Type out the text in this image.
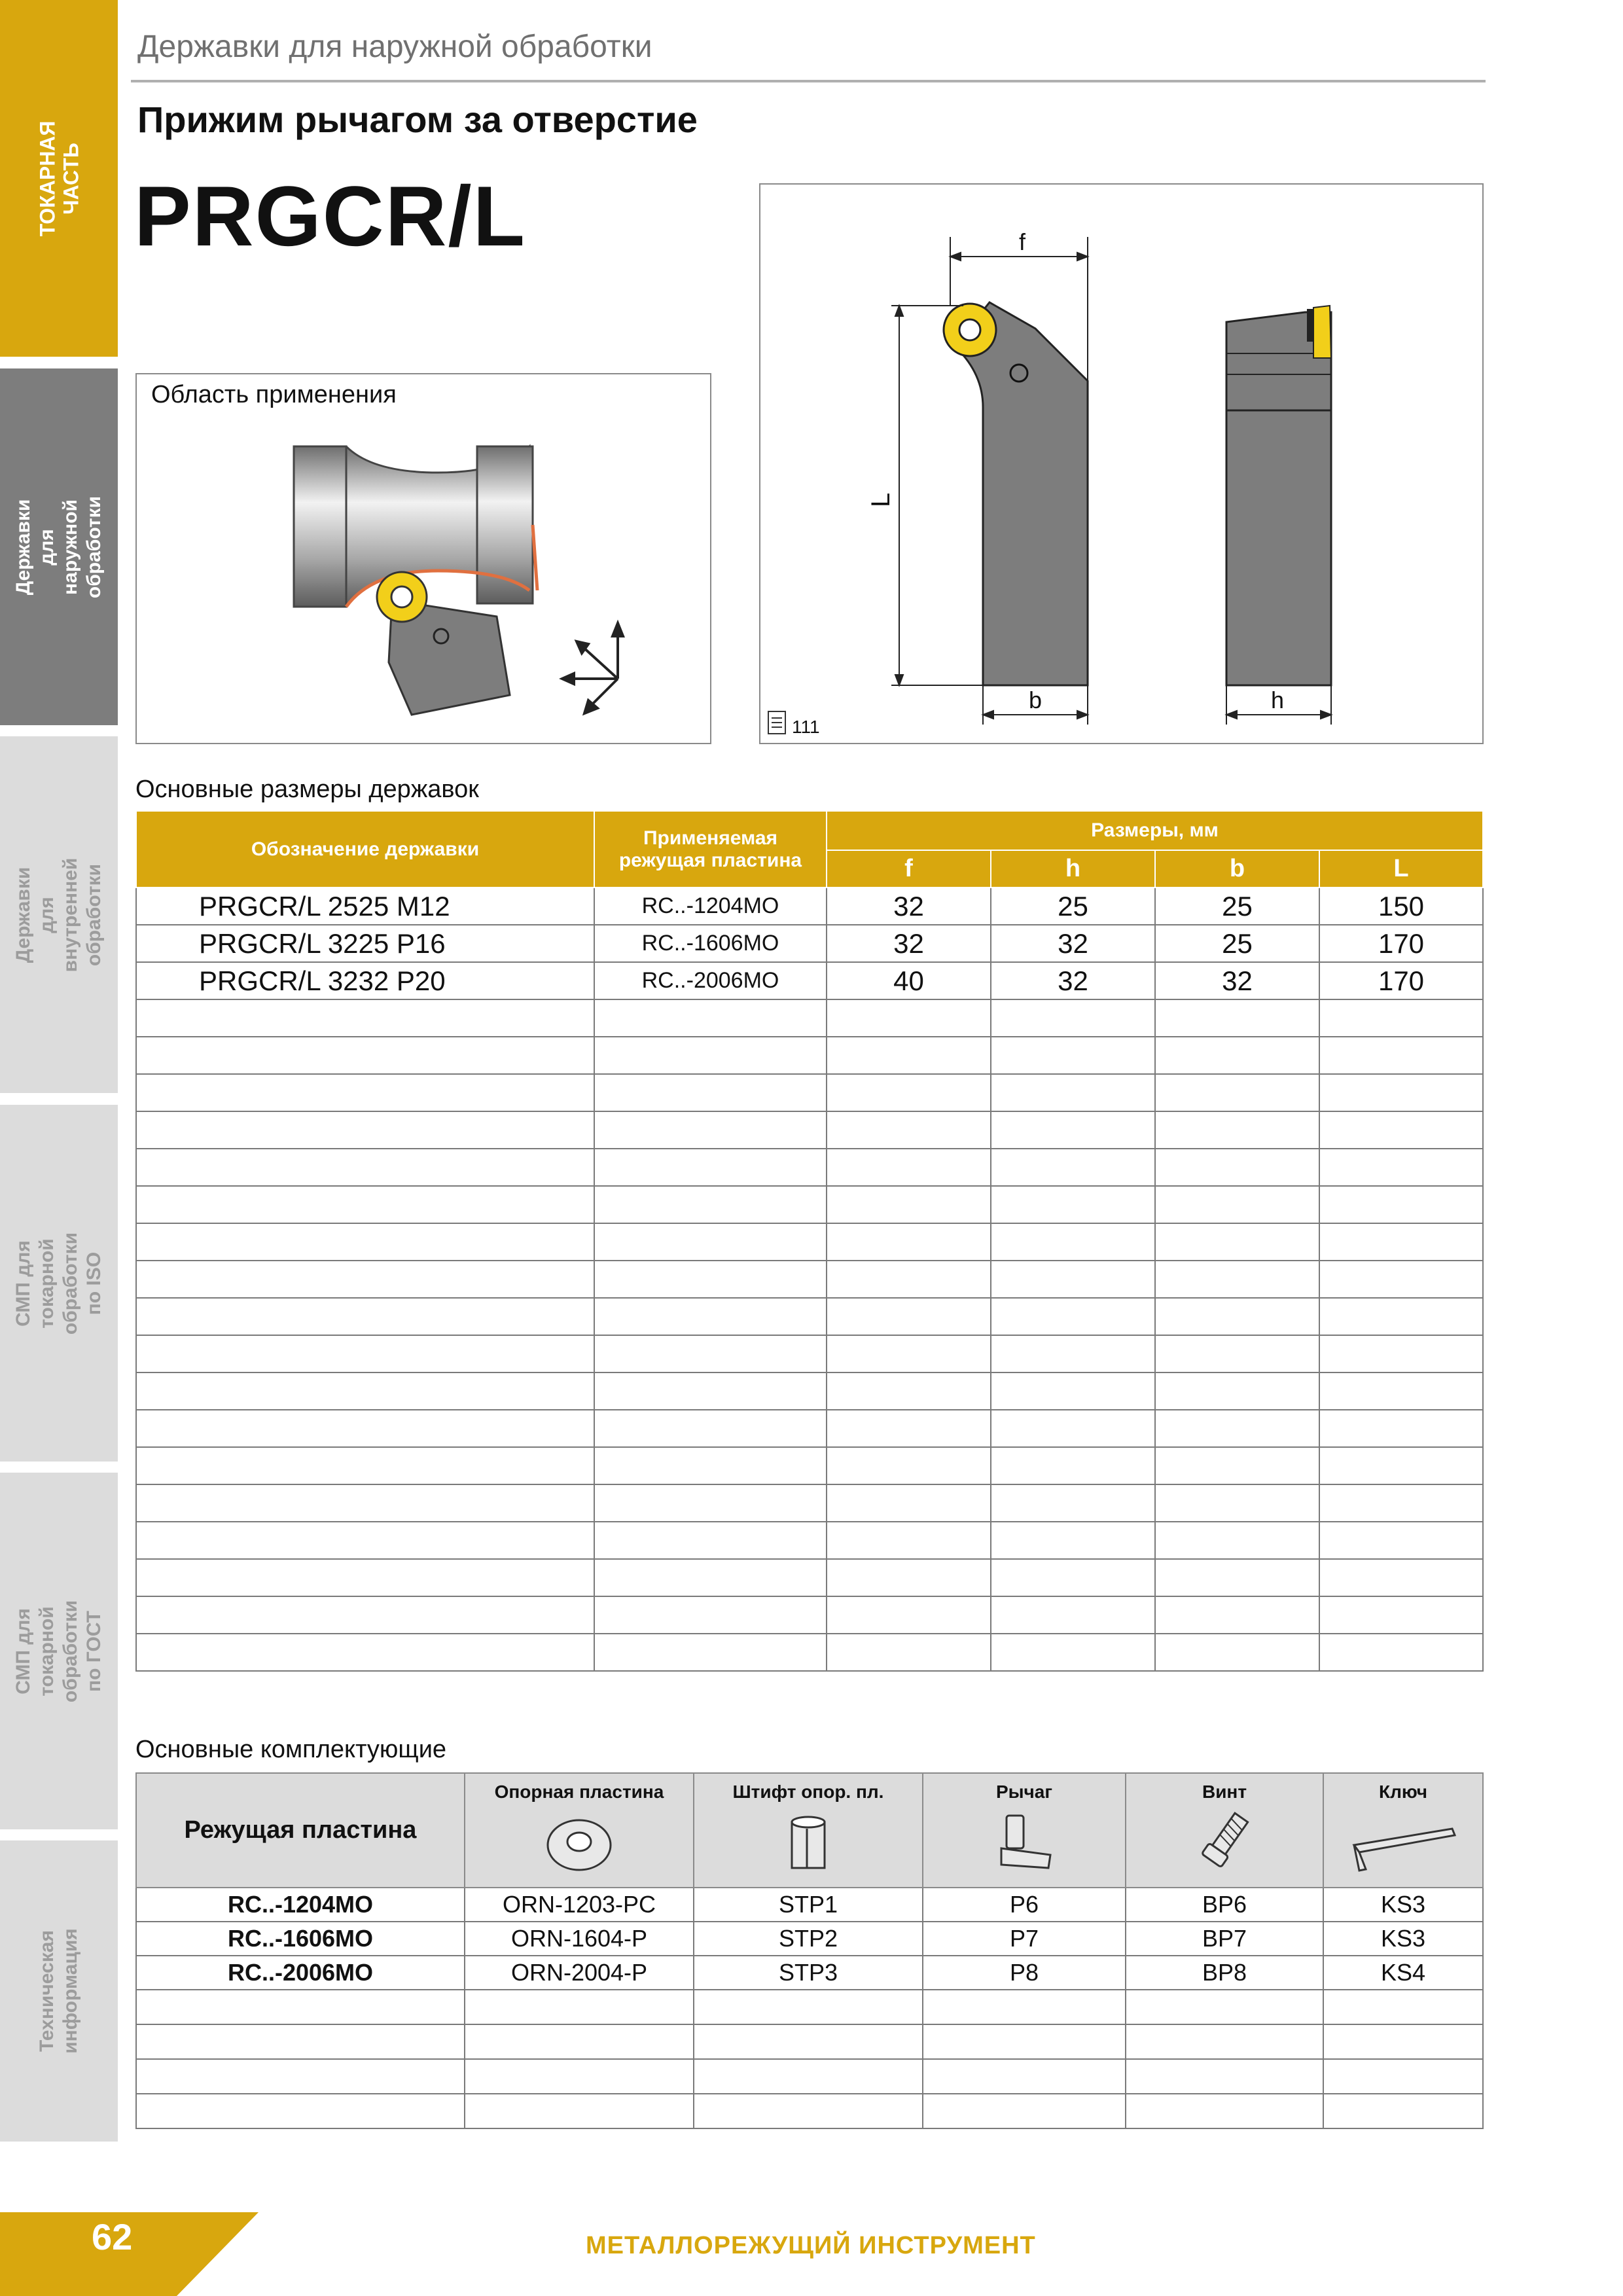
ТОКАРНАЯ
ЧАСТЬ
Державки для
наружной обработки
Державки для
внутренней обработки
СМП для токарной
обработки по ISO
СМП для токарной
обработки по ГОСТ
Техническая
информация
Державки для наружной обработки
Прижим рычагом за отверстие
PRGCR/L
Область применения
f
L
b	h
111
Основные размеры державок
Обозначение державки	Применяемая режущая пластина	Размеры, мм			
		f	h	b	L
PRGCR/L 2525 M12	RC..-1204MO	32	25	25	150
PRGCR/L 3225 P16	RC..-1606MO	32	32	25	170
PRGCR/L 3232 P20	RC..-2006MO	40	32	32	170

Основные комплектующие
Режущая пластина	Опорная пластина	Штифт опор. пл.	Рычаг	Винт	Ключ

RC..-1204MO	ORN-1203-PC	STP1	P6	BP6	KS3
RC..-1606MO	ORN-1604-P	STP2	P7	BP7	KS3
RC..-2006MO	ORN-2004-P	STP3	P8	BP8	KS4

62	МЕТАЛЛОРЕЖУЩИЙ ИНСТРУМЕНТ
